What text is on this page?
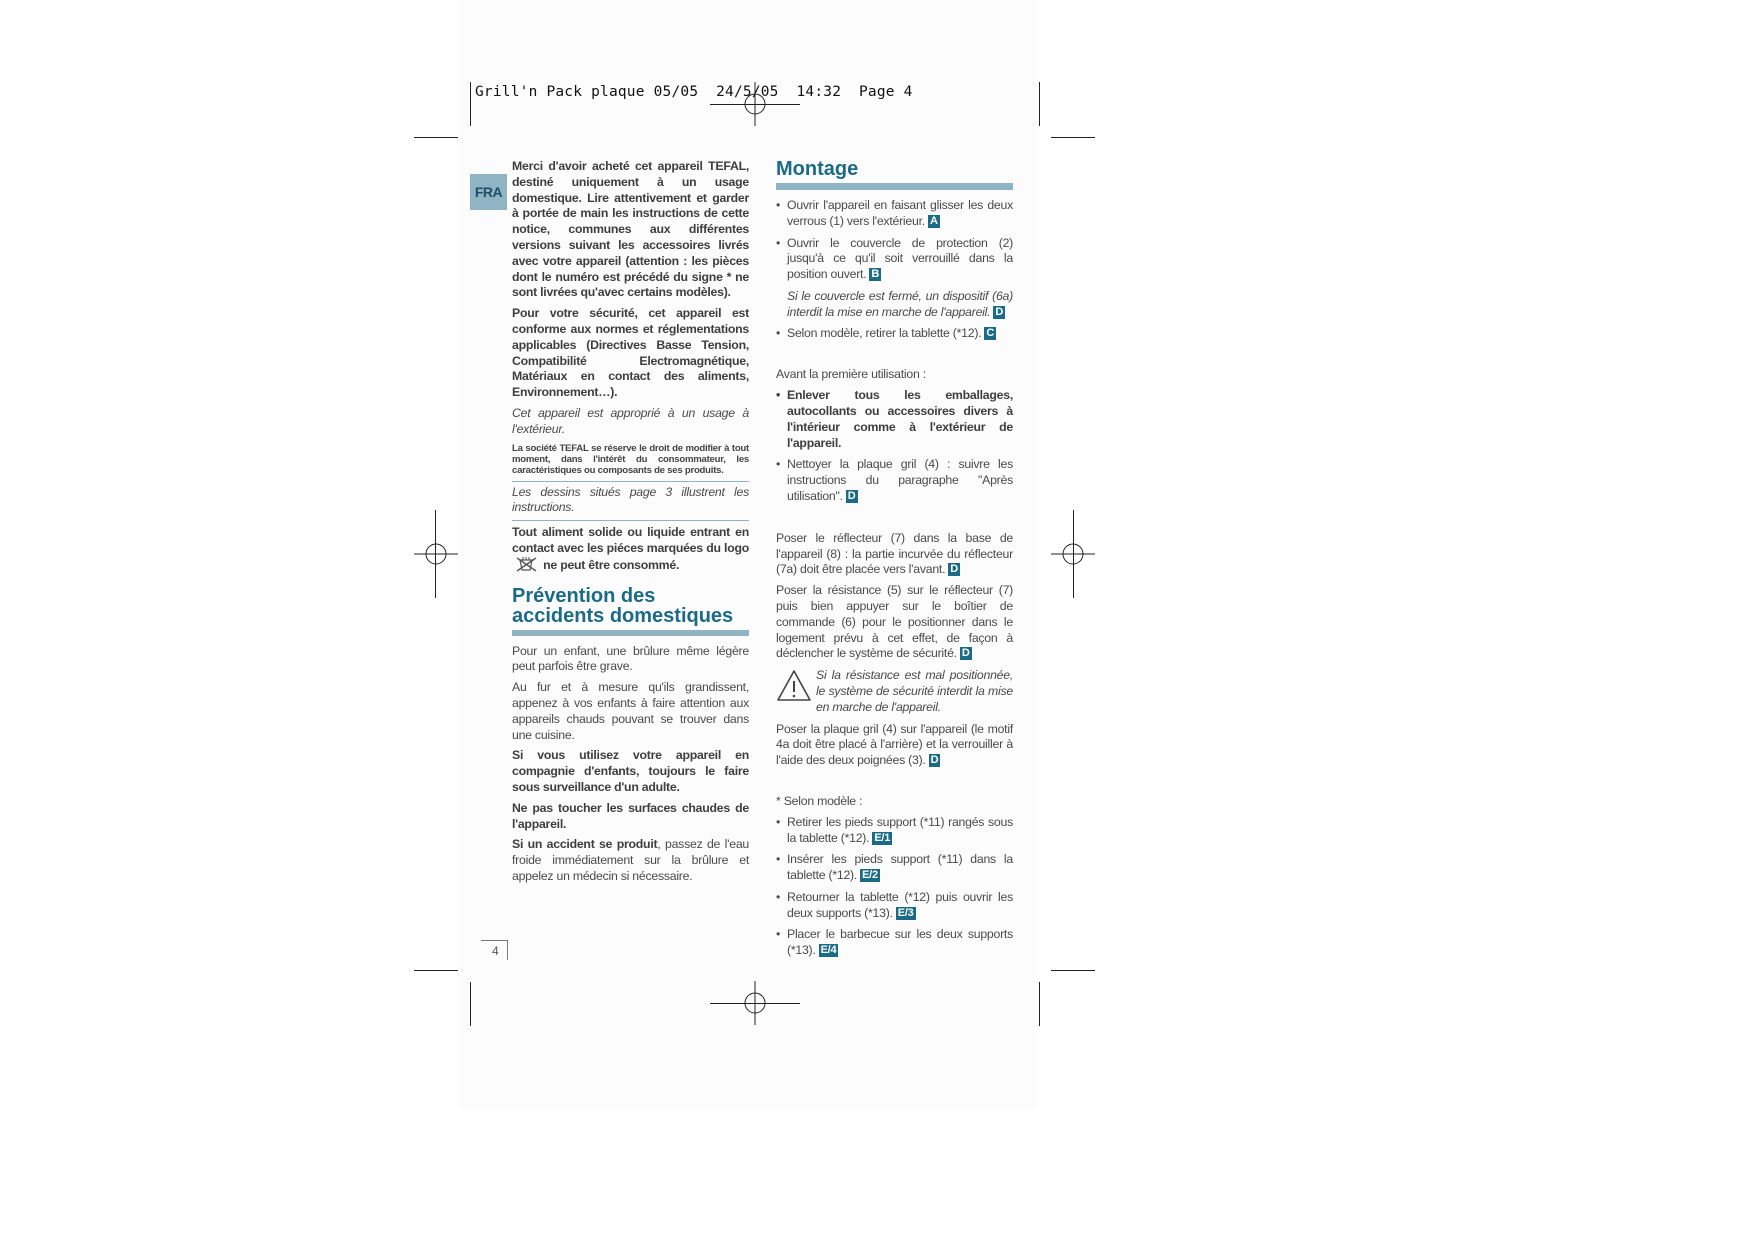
Grill'n Pack plaque 05/05  24/5/05  14:32  Page 4
FRA

Merci d'avoir acheté cet appareil TEFAL, destiné uniquement à un usage domestique. Lire attentivement et garder à portée de main les instructions de cette notice, communes aux différentes versions suivant les accessoires livrés avec votre appareil (attention : les pièces dont le numéro est précédé du signe * ne sont livrées qu'avec certains modèles).

Pour votre sécurité, cet appareil est conforme aux normes et réglementations applicables (Directives Basse Tension, Compatibilité Electromagnétique, Matériaux en contact des aliments, Environnement…).

Cet appareil est approprié à un usage à l'extérieur.

La société TEFAL se réserve le droit de modifier à tout moment, dans l'intérêt du consommateur, les caractéristiques ou composants de ses produits.

Les dessins situés page 3 illustrent les instructions.

Tout aliment solide ou liquide entrant en contact avec les piéces marquées du logo  ne peut être consommé.

Prévention des
accidents domestiques

Pour un enfant, une brûlure même légère peut parfois être grave.

Au fur et à mesure qu'ils grandissent, appenez à vos enfants à faire attention aux appareils chauds pouvant se trouver dans une cuisine.

Si vous utilisez votre appareil en compagnie d'enfants, toujours le faire sous surveillance d'un adulte.

Ne pas toucher les surfaces chaudes de l'appareil.

Si un accident se produit, passez de l'eau froide immédiatement sur la brûlure et appelez un médecin si nécessaire.

Montage
• Ouvrir l'appareil en faisant glisser les deux verrous (1) vers l'extérieur. A
• Ouvrir le couvercle de protection (2) jusqu'à ce qu'il soit verrouillé dans la position ouvert. B

Si le couvercle est fermé, un dispositif (6a) interdit la mise en marche de l'appareil. D

• Selon modèle, retirer la tablette (*12). C

Avant la première utilisation :

• Enlever tous les emballages, autocollants ou accessoires divers à l'intérieur comme à l'extérieur de l'appareil.
• Nettoyer la plaque gril (4) : suivre les instructions du paragraphe "Après utilisation". D

Poser le réflecteur (7) dans la base de l'appareil (8) : la partie incurvée du réflecteur (7a) doit être placée vers l'avant. D

Poser la résistance (5) sur le réflecteur (7) puis bien appuyer sur le boîtier de commande (6) pour le positionner dans le logement prévu à cet effet, de façon à déclencher le système de sécurité. D

Si la résistance est mal positionnée, le système de sécurité interdit la mise en marche de l'appareil.

Poser la plaque gril (4) sur l'appareil (le motif 4a doit être placé à l'arrière) et la verrouiller à l'aide des deux poignées (3). D

* Selon modèle :

• Retirer les pieds support (*11) rangés sous la tablette (*12). E/1
• Insérer les pieds support (*11) dans la tablette (*12). E/2
• Retourner la tablette (*12) puis ouvrir les deux supports (*13). E/3
• Placer le barbecue sur les deux supports (*13). E/4
4
